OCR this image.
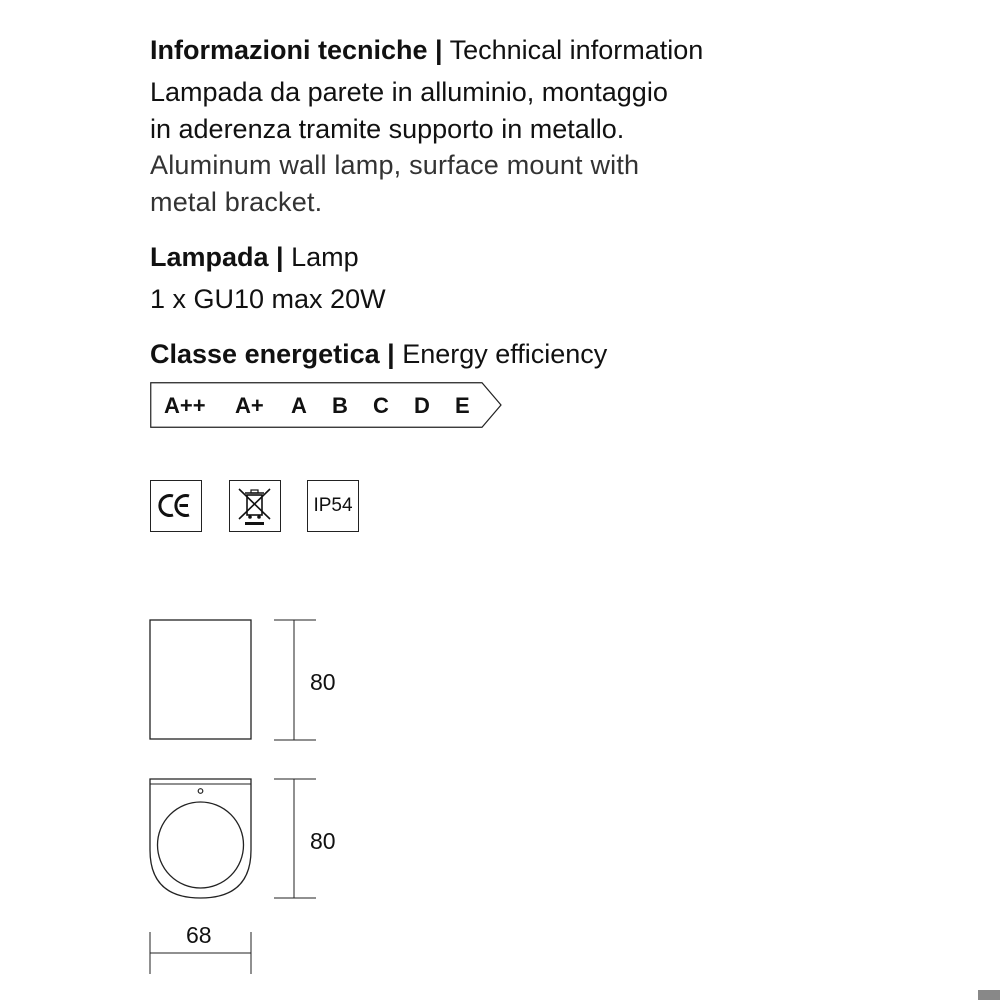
Informazioni tecniche | Technical information
Lampada da parete in alluminio, montaggio
in aderenza tramite supporto in metallo.
Aluminum wall lamp, surface mount with
metal bracket.
Lampada | Lamp
1 x GU10 max 20W
Classe energetica | Energy efficiency
A++ A+ A B C D E
IP54
80
80
68
